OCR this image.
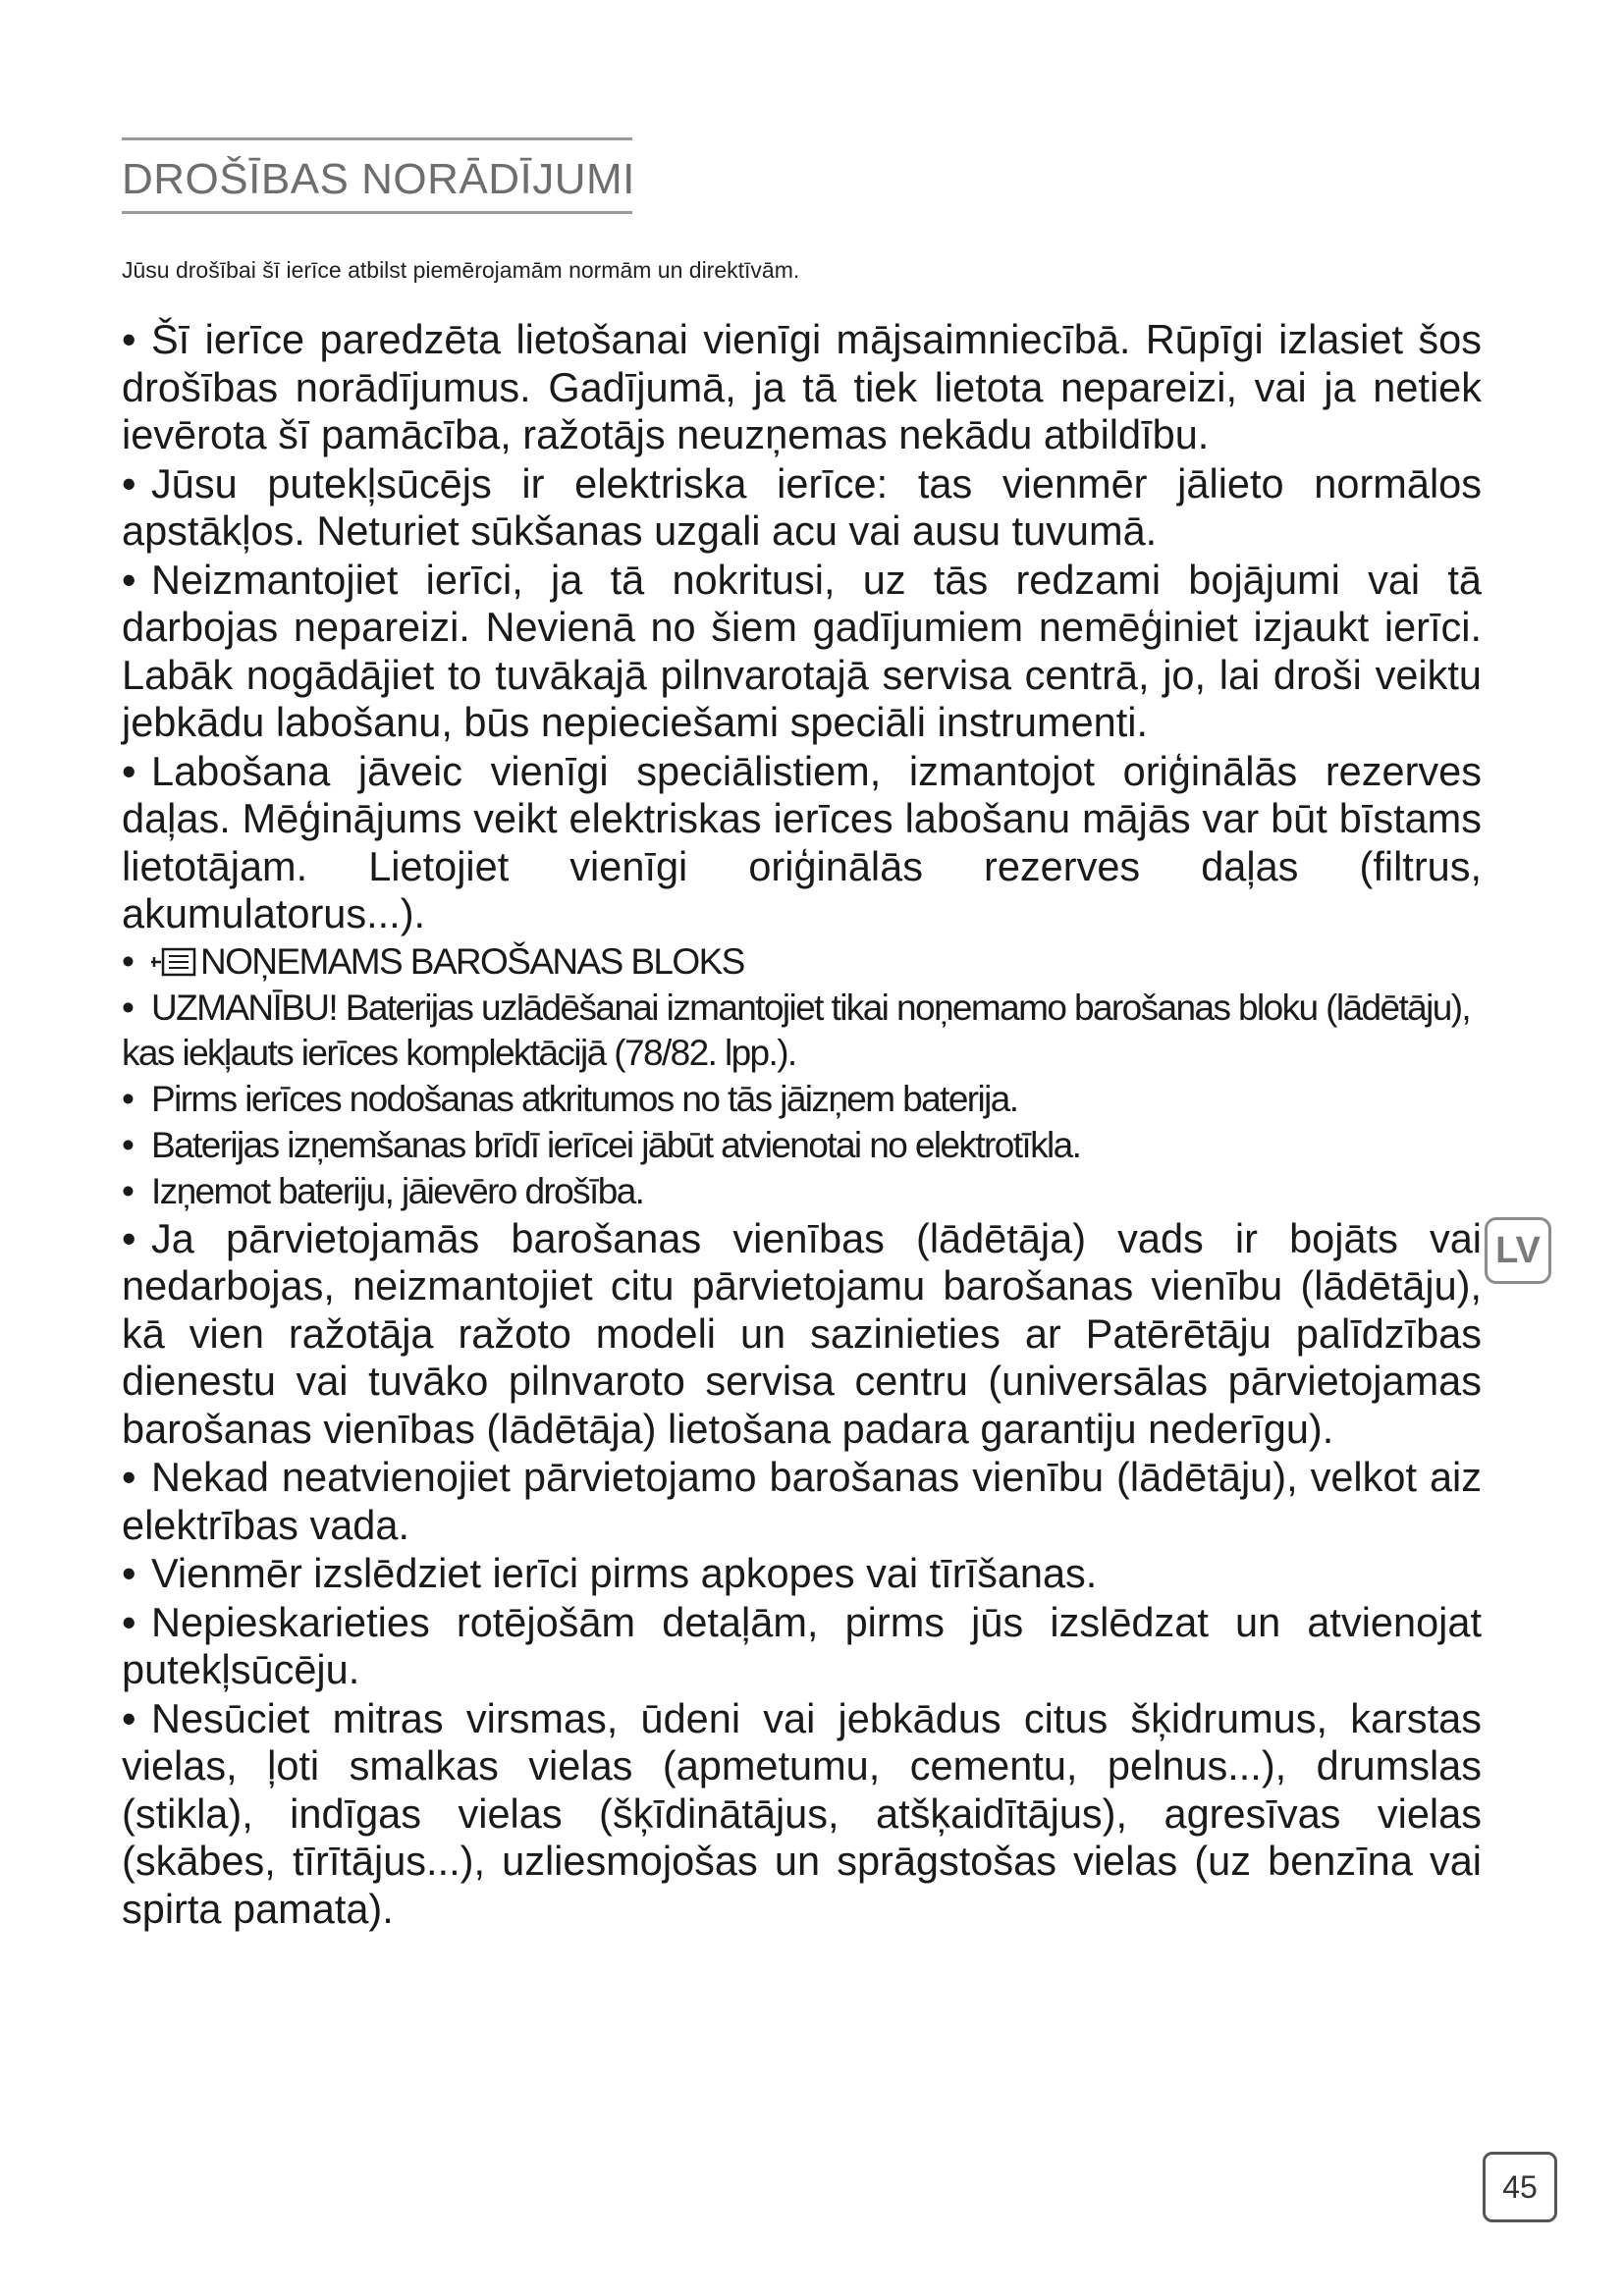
DROŠĪBAS NORĀDĪJUMI
Jūsu drošībai šī ierīce atbilst piemērojamām normām un direktīvām.

• Šī ierīce paredzēta lietošanai vienīgi mājsaimniecībā. Rūpīgi izlasiet šos drošības norādījumus. Gadījumā, ja tā tiek lietota nepareizi, vai ja netiek ievērota šī pamācība, ražotājs neuzņemas nekādu atbildību.

• Jūsu putekļsūcējs ir elektriska ierīce: tas vienmēr jālieto normālos apstākļos. Neturiet sūkšanas uzgali acu vai ausu tuvumā.

• Neizmantojiet ierīci, ja tā nokritusi, uz tās redzami bojājumi vai tā darbojas nepareizi. Nevienā no šiem gadījumiem nemēģiniet izjaukt ierīci. Labāk nogādājiet to tuvākajā pilnvarotajā servisa centrā, jo, lai droši veiktu jebkādu labošanu, būs nepieciešami speciāli instrumenti.

• Labošana jāveic vienīgi speciālistiem, izmantojot oriģinālās rezerves daļas. Mēģinājums veikt elektriskas ierīces labošanu mājās var būt bīstams lietotājam. Lietojiet vienīgi oriģinālās rezerves daļas (filtrus, akumulatorus...).

• NOŅEMAMS BAROŠANAS BLOKS

• UZMANĪBU! Baterijas uzlādēšanai izmantojiet tikai noņemamo barošanas bloku (lādētāju), kas iekļauts ierīces komplektācijā (78/82. lpp.).

• Pirms ierīces nodošanas atkritumos no tās jāizņem baterija.

• Baterijas izņemšanas brīdī ierīcei jābūt atvienotai no elektrotīkla.

• Izņemot bateriju, jāievēro drošība.

• Ja pārvietojamās barošanas vienības (lādētāja) vads ir bojāts vai nedarbojas, neizmantojiet citu pārvietojamu barošanas vienību (lādētāju), kā vien ražotāja ražoto modeli un sazinieties ar Patērētāju palīdzības dienestu vai tuvāko pilnvaroto servisa centru (universālas pārvietojamas barošanas vienības (lādētāja) lietošana padara garantiju nederīgu).

• Nekad neatvienojiet pārvietojamo barošanas vienību (lādētāju), velkot aiz elektrības vada.

• Vienmēr izslēdziet ierīci pirms apkopes vai tīrīšanas.

• Nepieskarieties rotējošām detaļām, pirms jūs izslēdzat un atvienojat putekļsūcēju.

• Nesūciet mitras virsmas, ūdeni vai jebkādus citus šķidrumus, karstas vielas, ļoti smalkas vielas (apmetumu, cementu, pelnus...), drumslas (stikla), indīgas vielas (šķīdinātājus, atšķaidītājus), agresīvas vielas (skābes, tīrītājus...), uzliesmojošas un sprāgstošas vielas (uz benzīna vai spirta pamata).

LV
45
